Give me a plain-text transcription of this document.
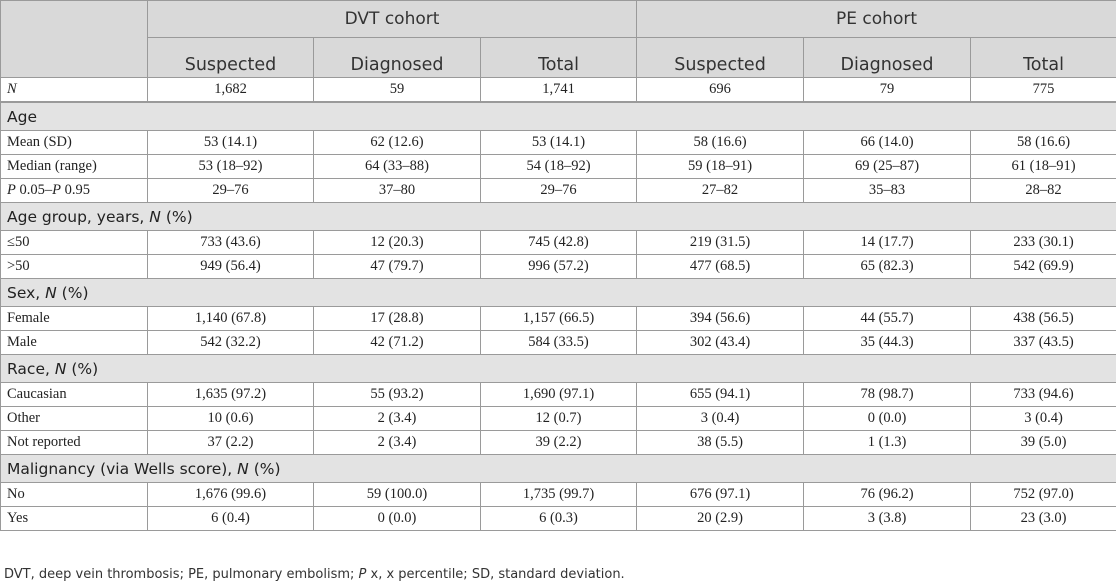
	DVT cohort			PE cohort		
	Suspected	Diagnosed	Total	Suspected	Diagnosed	Total
N	1,682	59	1,741	696	79	775
Age						
Mean (SD)	53 (14.1)	62 (12.6)	53 (14.1)	58 (16.6)	66 (14.0)	58 (16.6)
Median (range)	53 (18–92)	64 (33–88)	54 (18–92)	59 (18–91)	69 (25–87)	61 (18–91)
P 0.05–P 0.95	29–76	37–80	29–76	27–82	35–83	28–82
Age group, years, N (%)						
≤50	733 (43.6)	12 (20.3)	745 (42.8)	219 (31.5)	14 (17.7)	233 (30.1)
>50	949 (56.4)	47 (79.7)	996 (57.2)	477 (68.5)	65 (82.3)	542 (69.9)
Sex, N (%)						
Female	1,140 (67.8)	17 (28.8)	1,157 (66.5)	394 (56.6)	44 (55.7)	438 (56.5)
Male	542 (32.2)	42 (71.2)	584 (33.5)	302 (43.4)	35 (44.3)	337 (43.5)
Race, N (%)						
Caucasian	1,635 (97.2)	55 (93.2)	1,690 (97.1)	655 (94.1)	78 (98.7)	733 (94.6)
Other	10 (0.6)	2 (3.4)	12 (0.7)	3 (0.4)	0 (0.0)	3 (0.4)
Not reported	37 (2.2)	2 (3.4)	39 (2.2)	38 (5.5)	1 (1.3)	39 (5.0)
Malignancy (via Wells score), N (%)						
No	1,676 (99.6)	59 (100.0)	1,735 (99.7)	676 (97.1)	76 (96.2)	752 (97.0)
Yes	6 (0.4)	0 (0.0)	6 (0.3)	20 (2.9)	3 (3.8)	23 (3.0)
DVT, deep vein thrombosis; PE, pulmonary embolism; P x, x percentile; SD, standard deviation.
